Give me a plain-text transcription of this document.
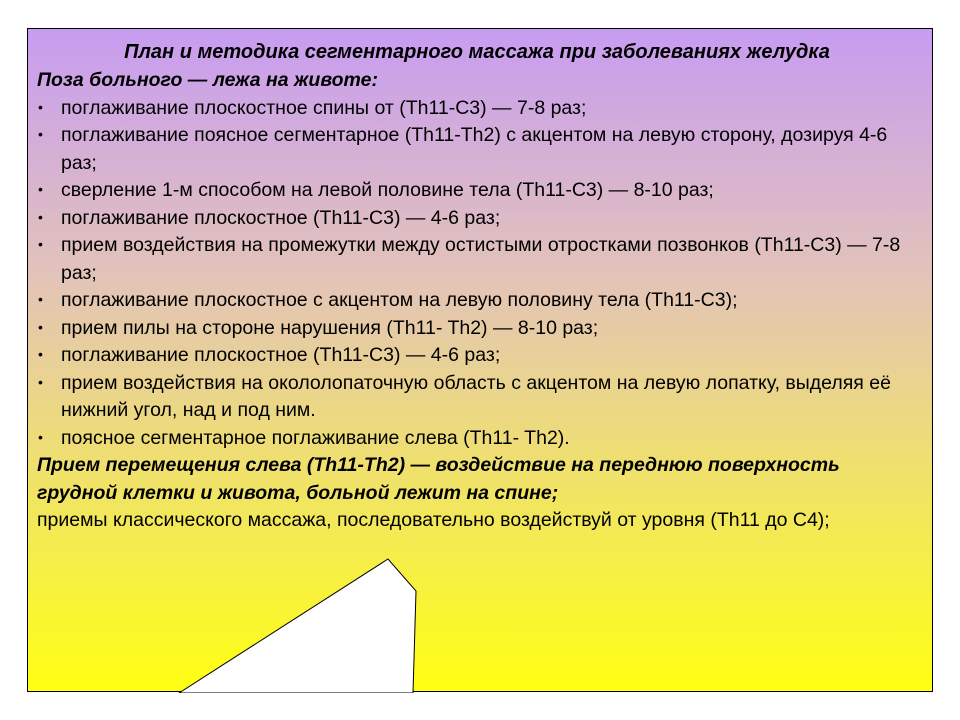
План и методика сегментарного массажа при заболеваниях желудка

Поза больного — лежа на животе:

• поглаживание плоскостное спины от (Th11-C3) — 7-8 раз;
• поглаживание поясное сегментарное (Th11-Th2) с акцентом на левую сторону, дозируя 4-6 раз;
• сверление 1-м способом на левой половине тела (Th11-C3) — 8-10 раз;
• поглаживание плоскостное (Th11-C3) — 4-6 раз;
• прием воздействия на промежутки между остистыми отростками позвонков (Th11-C3) — 7-8 раз;
• поглаживание плоскостное с акцентом на левую половину тела (Th11-C3);
• прием пилы на стороне нарушения (Th11- Th2) — 8-10 раз;
• поглаживание плоскостное (Th11-C3) — 4-6 раз;
• прием воздействия на окололопаточную область с акцентом на левую лопатку, выделяя её нижний угол, над и под ним.
• поясное сегментарное поглаживание слева (Th11- Th2).

Прием перемещения слева (Th11-Th2) — воздействие на переднюю поверхность грудной клетки и живота, больной лежит на спине;

приемы классического массажа, последовательно воздействуй от уровня (Th11 до C4);
